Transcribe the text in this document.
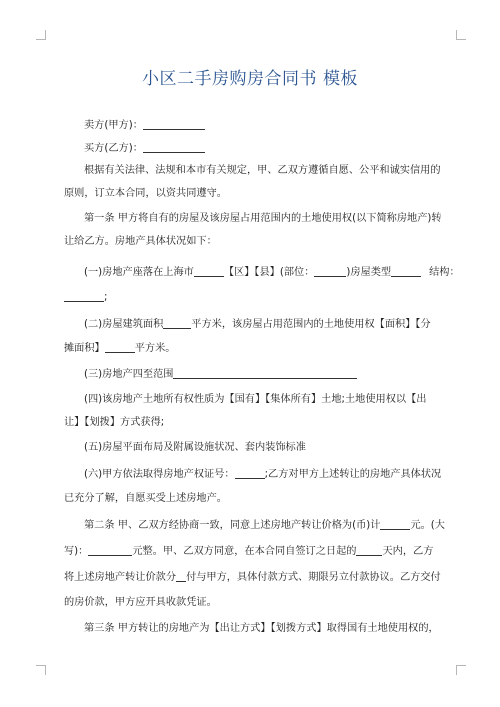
小区二手房购房合同书 模板
卖方(甲方)：
买方(乙方)：
根据有关法律、法规和本市有关规定，甲、乙双方遵循自愿、公平和诚实信用的
原则，订立本合同，以资共同遵守。
第一条 甲方将自有的房屋及该房屋占用范围内的土地使用权(以下简称房地产)转
让给乙方。房地产具体状况如下：
(一)房地产座落在上海市	【区】【县】(部位：	)房屋类型	结构：
;
(二)房屋建筑面积	平方米，该房屋占用范围内的土地使用权【面积】【分
摊面积】	平方米。
(三)房地产四至范围
(四)该房地产土地所有权性质为【国有】【集体所有】土地;土地使用权以【出
让】【划拨】方式获得;
(五)房屋平面布局及附属设施状况、套内装饰标准
(六)甲方依法取得房地产权证号：	;乙方对甲方上述转让的房地产具体状况
已充分了解，自愿买受上述房地产。
第二条 甲、乙双方经协商一致，同意上述房地产转让价格为(币)计	元。(大
写)：	元整。甲、乙双方同意，在本合同自签订之日起的	天内，乙方
将上述房地产转让价款分 付与甲方，具体付款方式、期限另立付款协议。乙方交付
的房价款，甲方应开具收款凭证。
第三条 甲方转让的房地产为【出让方式】【划拨方式】取得国有土地使用权的，
